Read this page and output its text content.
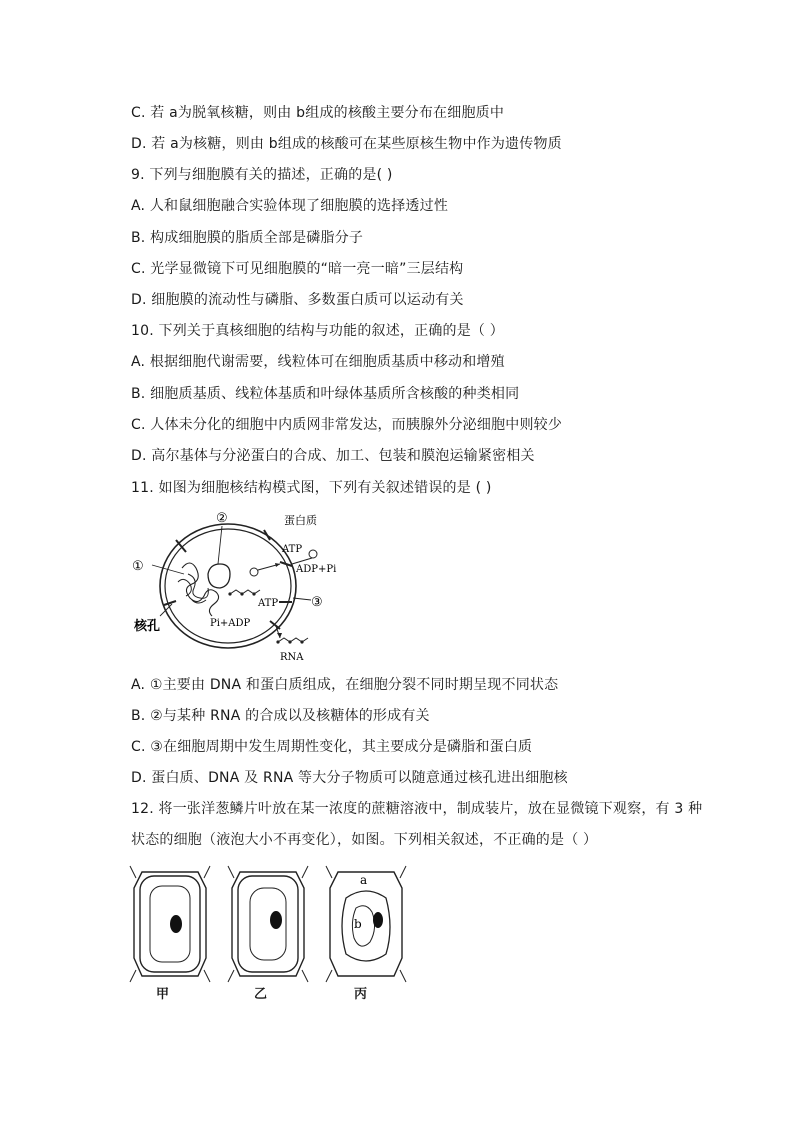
C. 若 a为脱氧核糖，则由 b组成的核酸主要分布在细胞质中
D. 若 a为核糖，则由 b组成的核酸可在某些原核生物中作为遗传物质
9. 下列与细胞膜有关的描述，正确的是( )
A. 人和鼠细胞融合实验体现了细胞膜的选择透过性
B. 构成细胞膜的脂质全部是磷脂分子
C. 光学显微镜下可见细胞膜的“暗一亮一暗”三层结构
D. 细胞膜的流动性与磷脂、多数蛋白质可以运动有关
10. 下列关于真核细胞的结构与功能的叙述，正确的是（ ）
A. 根据细胞代谢需要，线粒体可在细胞质基质中移动和增殖
B. 细胞质基质、线粒体基质和叶绿体基质所含核酸的种类相同
C. 人体未分化的细胞中内质网非常发达，而胰腺外分泌细胞中则较少
D. 高尔基体与分泌蛋白的合成、加工、包装和膜泡运输紧密相关
11. 如图为细胞核结构模式图，下列有关叙述错误的是 ( )
①
②
③
蛋白质
ATP
ADP+Pi
ATP
Pi+ADP
核孔
RNA
A. ①主要由 DNA 和蛋白质组成，在细胞分裂不同时期呈现不同状态
B. ②与某种 RNA 的合成以及核糖体的形成有关
C. ③在细胞周期中发生周期性变化，其主要成分是磷脂和蛋白质
D. 蛋白质、DNA 及 RNA 等大分子物质可以随意通过核孔进出细胞核
12. 将一张洋葱鳞片叶放在某一浓度的蔗糖溶液中，制成装片，放在显微镜下观察，有 3 种
状态的细胞（液泡大小不再变化），如图。下列相关叙述，不正确的是（ ）
a
b
甲	乙	丙
